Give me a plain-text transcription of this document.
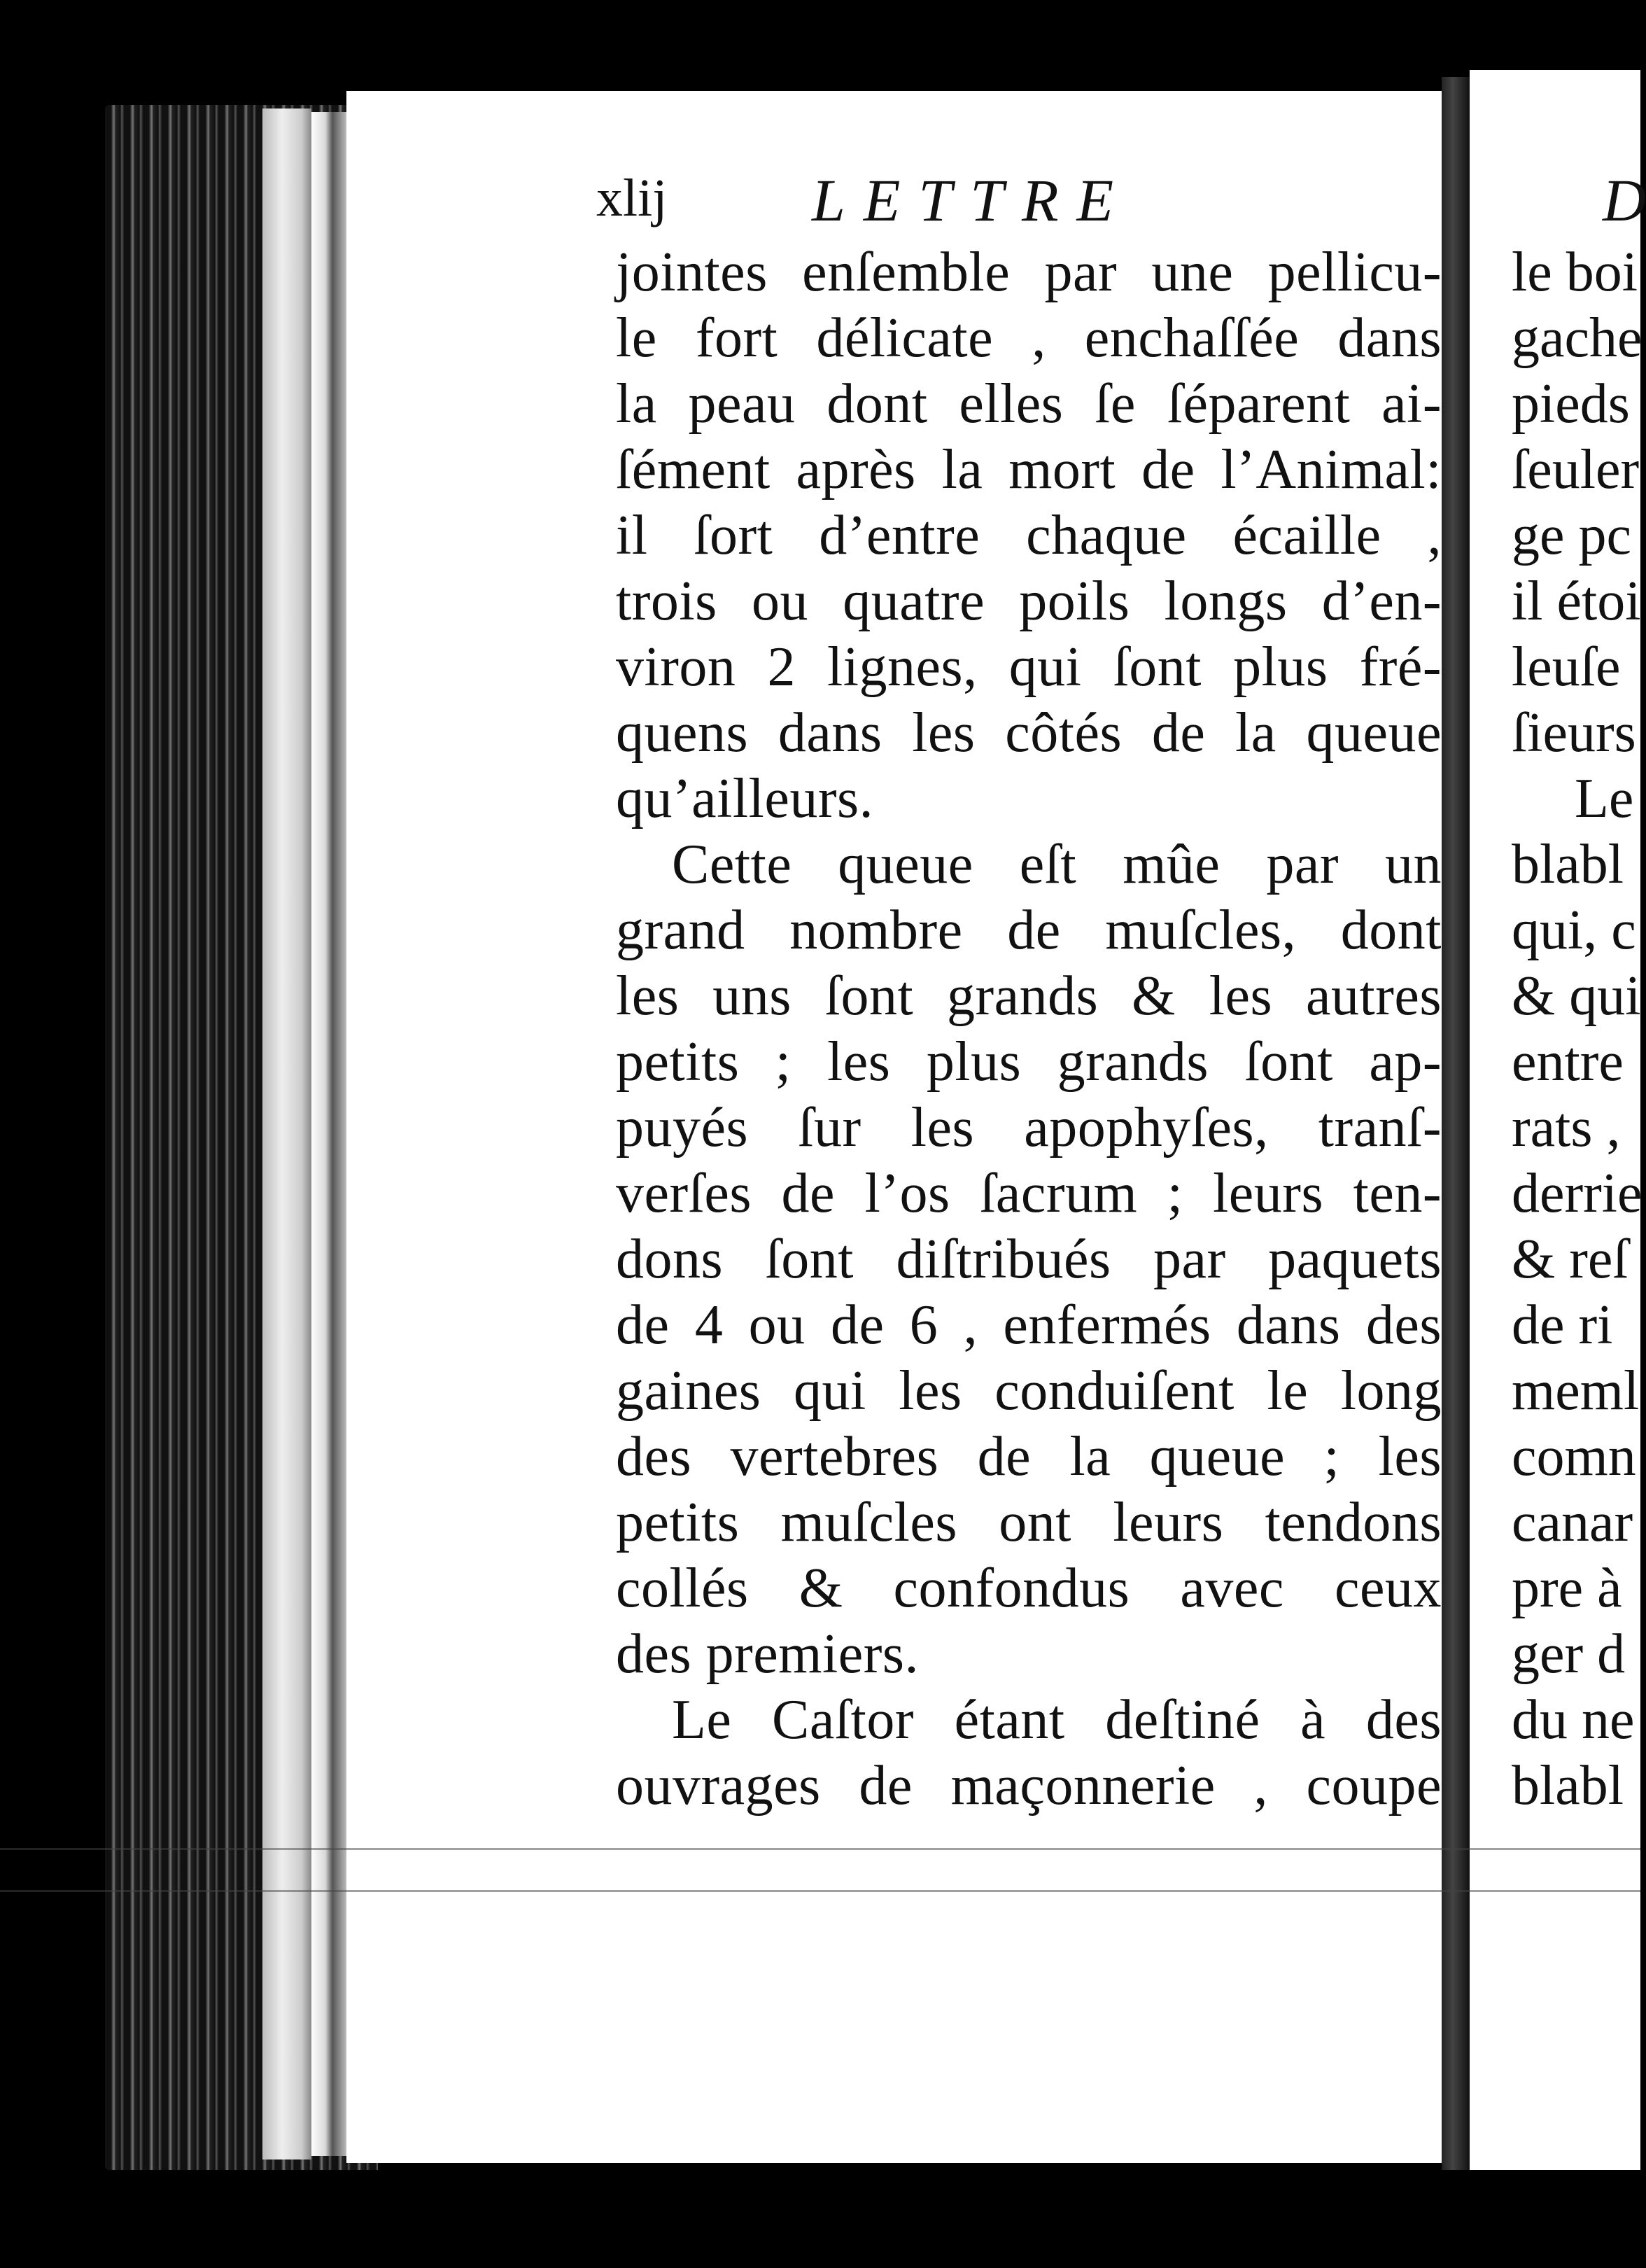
xlij LETTRE	D
jointes enſemble par une pellicu-
le fort délicate , enchaſſée dans
la peau dont elles ſe ſéparent ai-
ſément après la mort de l’Animal:
il ſort d’entre chaque écaille ,
trois ou quatre poils longs d’en-
viron 2 lignes, qui ſont plus fré-
quens dans les côtés de la queue
qu’ailleurs.
Cette queue eſt mûe par un
grand nombre de muſcles, dont
les uns ſont grands & les autres
petits ; les plus grands ſont ap-
puyés ſur les apophyſes, tranſ-
verſes de l’os ſacrum ; leurs ten-
dons ſont diſtribués par paquets
de 4 ou de 6 , enfermés dans des
gaines qui les conduiſent le long
des vertebres de la queue ; les
petits muſcles ont leurs tendons
collés & confondus avec ceux
des premiers.
Le Caſtor étant deſtiné à des
ouvrages de maçonnerie , coupe
le boi
gache
pieds
ſeuler
ge pc
il étoi
leuſe
ſieurs
Le
blabl
qui, c
& qui
entre
rats ,
derrie
& reſ
de ri
meml
comn
canar
pre à
ger d
du ne
blabl
